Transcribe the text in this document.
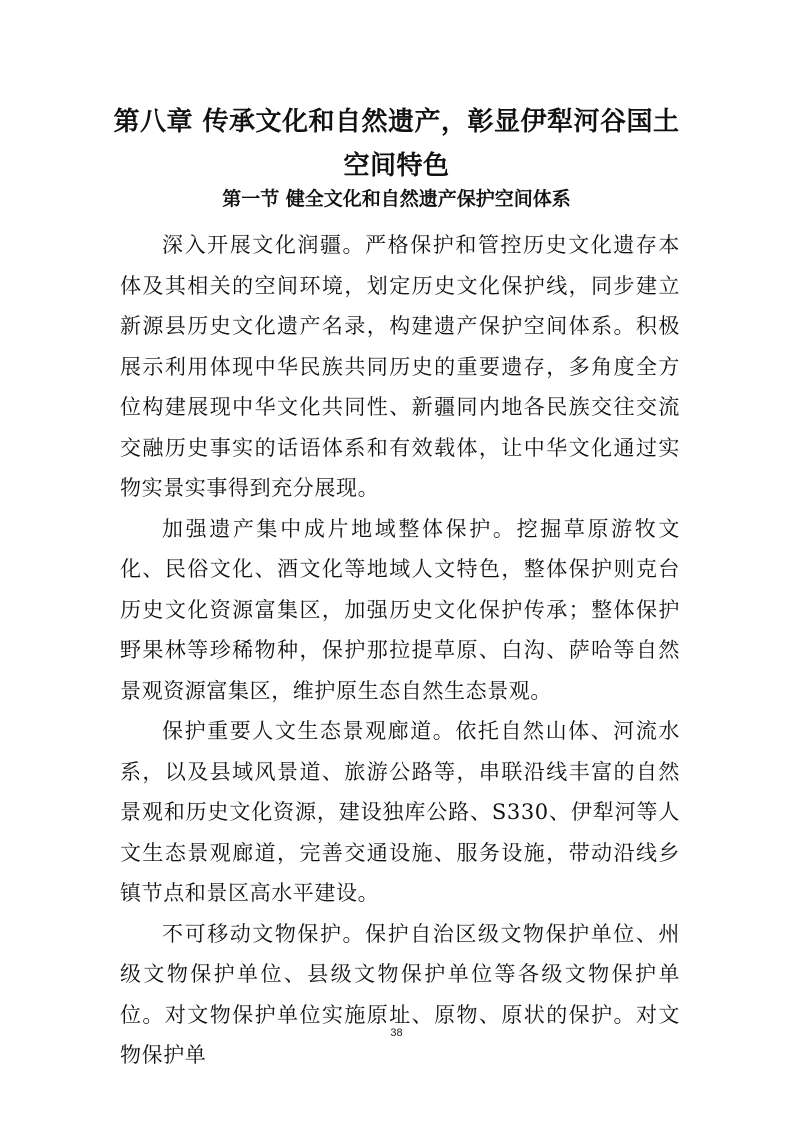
第八章 传承文化和自然遗产，彰显伊犁河谷国土空间特色
第一节 健全文化和自然遗产保护空间体系

深入开展文化润疆。严格保护和管控历史文化遗存本体及其相关的空间环境，划定历史文化保护线，同步建立新源县历史文化遗产名录，构建遗产保护空间体系。积极展示利用体现中华民族共同历史的重要遗存，多角度全方位构建展现中华文化共同性、新疆同内地各民族交往交流交融历史事实的话语体系和有效载体，让中华文化通过实物实景实事得到充分展现。

加强遗产集中成片地域整体保护。挖掘草原游牧文化、民俗文化、酒文化等地域人文特色，整体保护则克台历史文化资源富集区，加强历史文化保护传承；整体保护野果林等珍稀物种，保护那拉提草原、白沟、萨哈等自然景观资源富集区，维护原生态自然生态景观。

保护重要人文生态景观廊道。依托自然山体、河流水系，以及县域风景道、旅游公路等，串联沿线丰富的自然景观和历史文化资源，建设独库公路、S330、伊犁河等人文生态景观廊道，完善交通设施、服务设施，带动沿线乡镇节点和景区高水平建设。

不可移动文物保护。保护自治区级文物保护单位、州级文物保护单位、县级文物保护单位等各级文物保护单位。对文物保护单位实施原址、原物、原状的保护。对文物保护单

38
